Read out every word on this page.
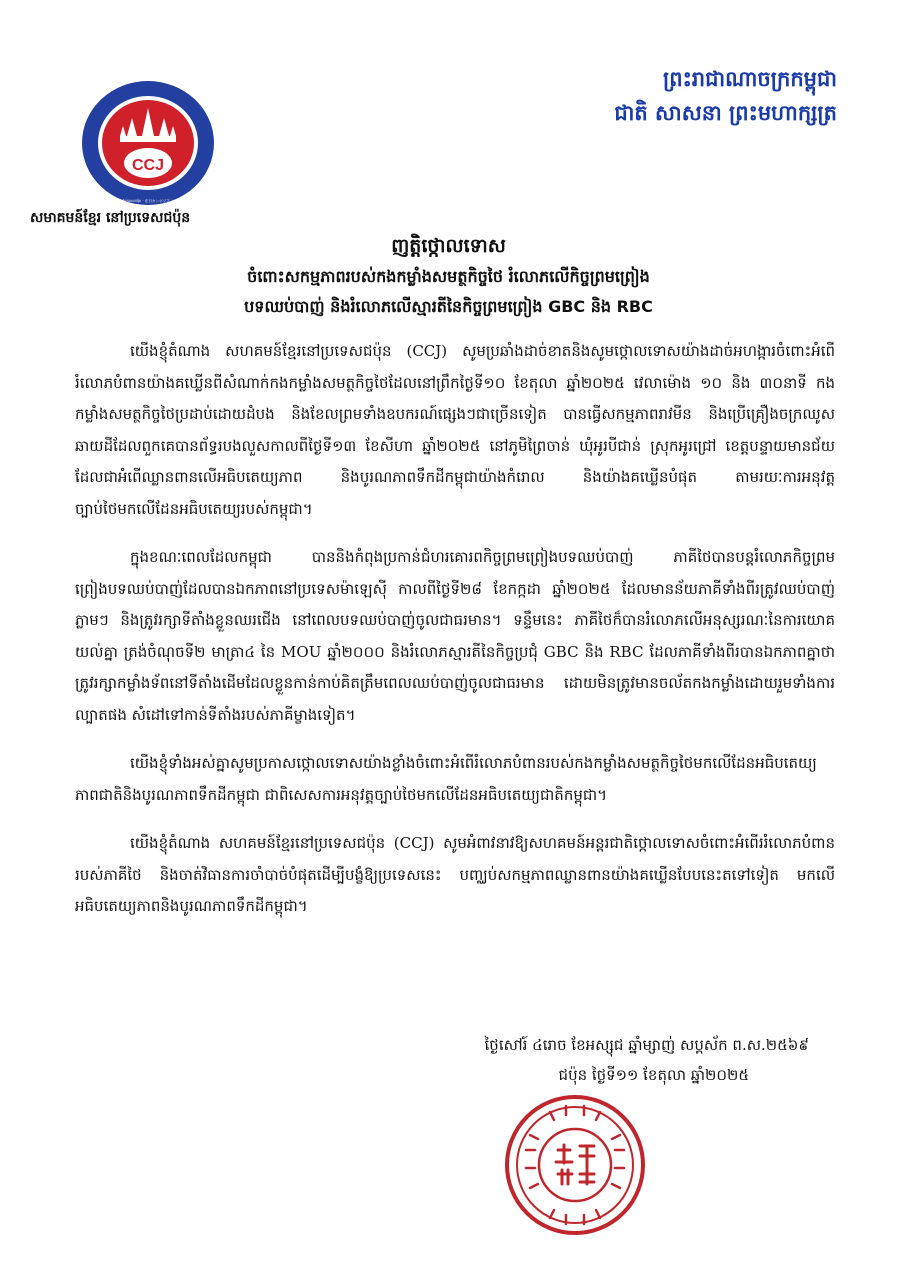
CCJ
សមាគមខ្មែរនៅប្រទេសជប៉ុន · 在日カンボジア コミュニティ
សមាគមន៍ខ្មែរ នៅប្រទេសជប៉ុន
ព្រះរាជាណាចក្រកម្ពុជា
ជាតិ សាសនា ព្រះមហាក្សត្រ
ញត្តិថ្កោលទោស
ចំពោះសកម្មភាពរបស់កងកម្លាំងសមត្ថកិច្ចថៃ រំលោភលើកិច្ចព្រមព្រៀង
បទឈប់បាញ់ និងរំលោភលើស្មារតីនៃកិច្ចព្រមព្រៀង GBC និង RBC

យើងខ្ញុំតំណាង សហគមន៍ខ្មែរនៅប្រទេសជប៉ុន (CCJ) សូមប្រឆាំងដាច់ខាតនិងសូមថ្កោលទោសយ៉ាងដាច់អហង្ការចំពោះអំពើរំលោភបំពានយ៉ាងគឃ្លើនពីសំណាក់កងកម្លាំងសមត្ថកិច្ចថៃដែលនៅព្រឹកថ្ងៃទី១០ ខែតុលា ឆ្នាំ២០២៥ វេលាម៉ោង ១០ និង ៣០នាទី កងកម្លាំងសមត្ថកិច្ចថៃប្រដាប់ដោយដំបង និងខែលព្រមទាំងឧបករណ៍ផ្សេងៗជាច្រើនទៀត បានធ្វើសកម្មភាពរាវមីន និងប្រើគ្រឿងចក្រឈូសឆាយដីដែលពួកគេបានព័ទ្ធរបងលួសកាលពីថ្ងៃទី១៣ ខែសីហា ឆ្នាំ២០២៥ នៅភូមិព្រៃចាន់ ឃុំអូរបីជាន់ ស្រុកអូរជ្រៅ ខេត្តបន្ទាយមានជ័យ ដែលជាអំពើឈ្លានពានលើអធិបតេយ្យភាព និងបូរណភាពទឹកដីកម្ពុជាយ៉ាងកំរោល និងយ៉ាងគឃ្លើនបំផុត តាមរយៈការអនុវត្តច្បាប់ថៃមកលើដែនអធិបតេយ្យរបស់កម្ពុជា។

ក្នុងខណៈពេលដែលកម្ពុជា បាននិងកំពុងប្រកាន់ជំហរគោរពកិច្ចព្រមព្រៀងបទឈប់បាញ់ ភាគីថៃបានបន្តរំលោភកិច្ចព្រមព្រៀងបទឈប់បាញ់ដែលបានឯកភាពនៅប្រទេសម៉ាឡេស៊ី កាលពីថ្ងៃទី២៨ ខែកក្កដា ឆ្នាំ២០២៥ ដែលមានន័យភាគីទាំងពីរត្រូវឈប់បាញ់ភ្លាមៗ និងត្រូវរក្សាទីតាំងខ្លួនឈរជើង នៅពេលបទឈប់បាញ់ចូលជាធរមាន។ ទន្ទឹមនេះ ភាគីថៃក៏បានរំលោភលើអនុស្សរណៈនៃការយោគយល់គ្នា ត្រង់ចំណុចទី២ មាត្រា៤ នៃ MOU ឆ្នាំ២០០០ និងរំលោភស្មារតីនៃកិច្ចប្រជុំ GBC និង RBC ដែលភាគីទាំងពីរបានឯកភាពគ្នាថាត្រូវរក្សាកម្លាំងទ័ពនៅទីតាំងដើមដែលខ្លួនកាន់កាប់គិតត្រឹមពេលឈប់បាញ់ចូលជាធរមាន ដោយមិនត្រូវមានចល័តកងកម្លាំងដោយរួមទាំងការល្បាតផង សំដៅទៅកាន់ទីតាំងរបស់ភាគីម្ខាងទៀត។

យើងខ្ញុំទាំងអស់គ្នាសូមប្រកាសថ្កោលទោសយ៉ាងខ្លាំងចំពោះអំពើរំលោភបំពានរបស់កងកម្លាំងសមត្ថកិច្ចថៃមកលើដែនអធិបតេយ្យភាពជាតិនិងបូរណភាពទឹកដីកម្ពុជា ជាពិសេសការអនុវត្តច្បាប់ថៃមកលើដែនអធិបតេយ្យជាតិកម្ពុជា។

យើងខ្ញុំតំណាង សហគមន៍ខ្មែរនៅប្រទេសជប៉ុន (CCJ) សូមអំពាវនាវឱ្យសហគមន៍អន្តរជាតិថ្កោលទោសចំពោះអំពើររំលោភបំពានរបស់ភាគីថៃ និងចាត់វិធានការចាំបាច់បំផុតដើម្បីបង្ខំឱ្យប្រទេសនេះ បញ្ឈប់សកម្មភាពឈ្លានពានយ៉ាងគឃ្លើនបែបនេះតទៅទៀត មកលើអធិបតេយ្យភាពនិងបូរណភាពទឹកដីកម្ពុជា។

ថ្ងៃសៅរ៍ ៤រោច ខែអស្សុជ ឆ្នាំម្សាញ់ សប្តស័ក ព.ស.២៥៦៩
ជប៉ុន ថ្ងៃទី១១ ខែតុលា ឆ្នាំ២០២៥
